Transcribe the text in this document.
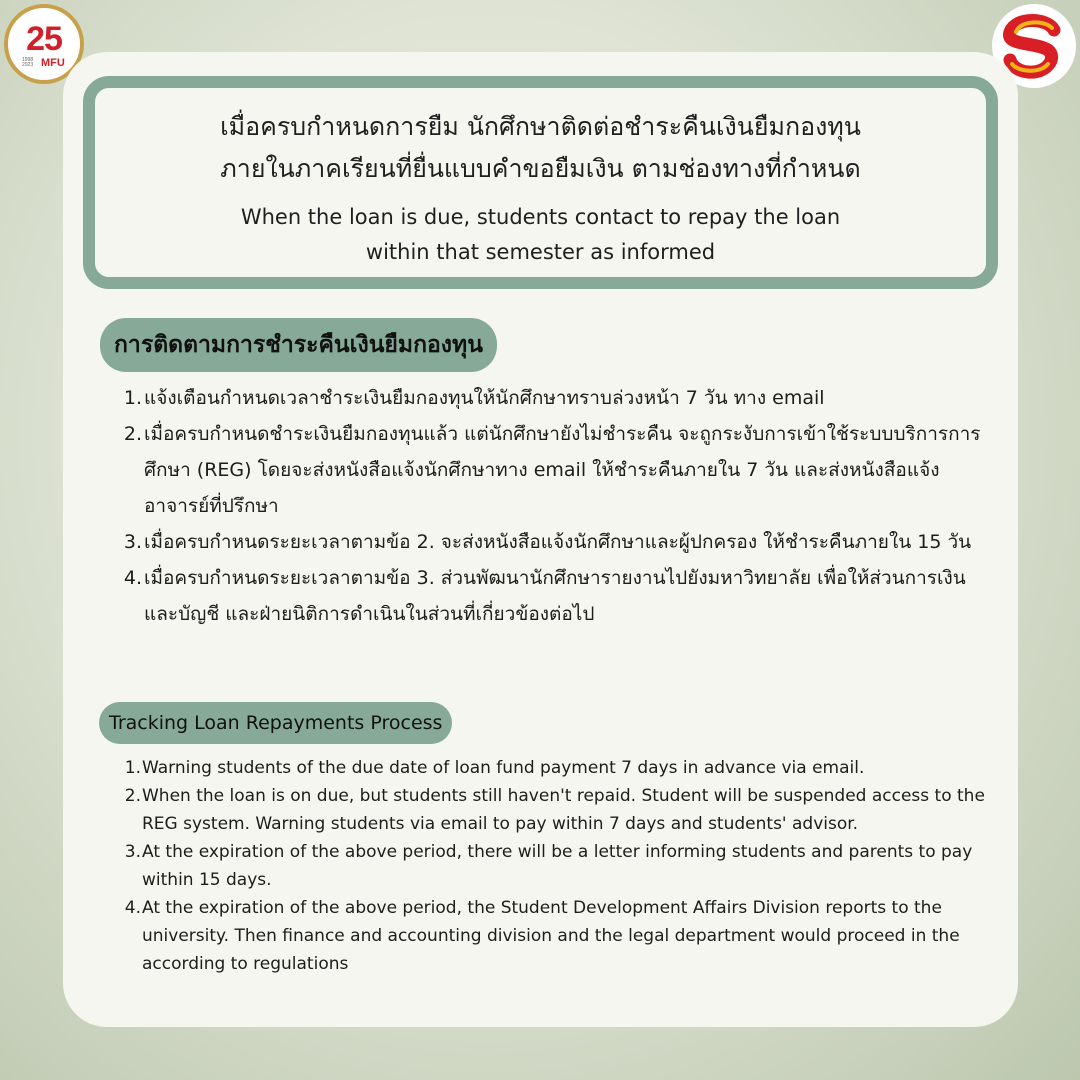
25
1998
2023 MFU
เมื่อครบกำหนดการยืม นักศึกษาติดต่อชำระคืนเงินยืมกองทุน
ภายในภาคเรียนที่ยื่นแบบคำขอยืมเงิน ตามช่องทางที่กำหนด
When the loan is due, students contact to repay the loan
within that semester as informed
การติดตามการชำระคืนเงินยืมกองทุน
1. แจ้งเตือนกำหนดเวลาชำระเงินยืมกองทุนให้นักศึกษาทราบล่วงหน้า 7 วัน ทาง email
2. เมื่อครบกำหนดชำระเงินยืมกองทุนแล้ว แต่นักศึกษายังไม่ชำระคืน จะถูกระงับการเข้าใช้ระบบบริการการศึกษา (REG) โดยจะส่งหนังสือแจ้งนักศึกษาทาง email ให้ชำระคืนภายใน 7 วัน และส่งหนังสือแจ้งอาจารย์ที่ปรึกษา
3. เมื่อครบกำหนดระยะเวลาตามข้อ 2. จะส่งหนังสือแจ้งนักศึกษาและผู้ปกครอง ให้ชำระคืนภายใน 15 วัน
4. เมื่อครบกำหนดระยะเวลาตามข้อ 3. ส่วนพัฒนานักศึกษารายงานไปยังมหาวิทยาลัย เพื่อให้ส่วนการเงินและบัญชี และฝ่ายนิติการดำเนินในส่วนที่เกี่ยวข้องต่อไป
Tracking Loan Repayments Process
1. Warning students of the due date of loan fund payment 7 days in advance via email.
2. When the loan is on due, but students still haven't repaid. Student will be suspended access to the REG system. Warning students via email to pay within 7 days and students' advisor.
3. At the expiration of the above period, there will be a letter informing students and parents to pay within 15 days.
4. At the expiration of the above period, the Student Development Affairs Division reports to the university. Then finance and accounting division and the legal department would proceed in the according to regulations
